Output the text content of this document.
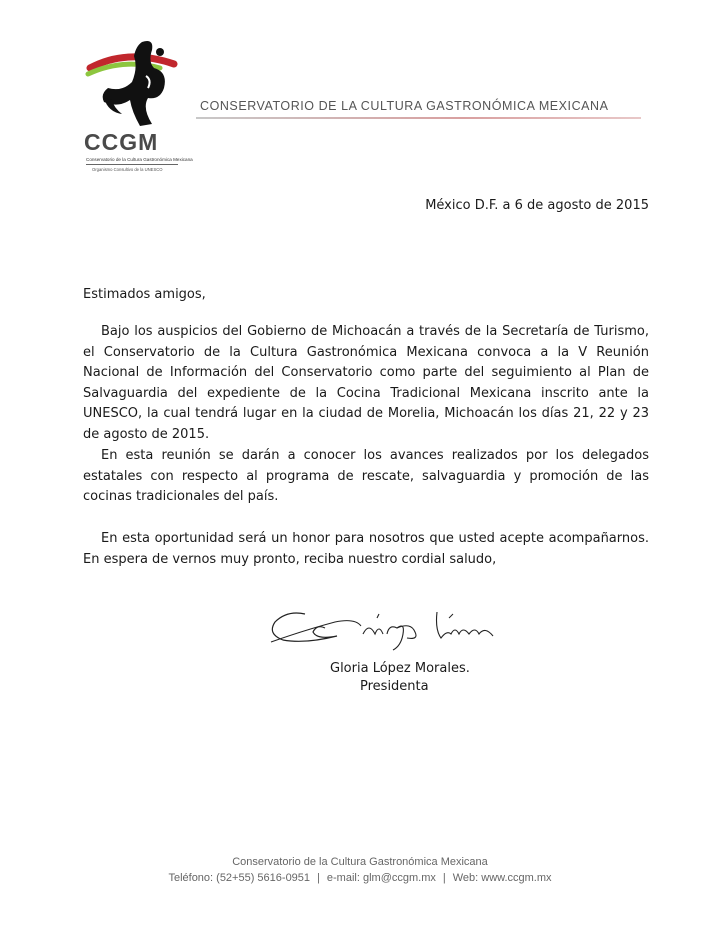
CCGM
Conservatorio de la Cultura Gastronómica Mexicana
Organismo Consultivo de la UNESCO
CONSERVATORIO DE LA CULTURA GASTRONÓMICA MEXICANA
México D.F. a 6 de agosto de 2015
Estimados amigos,

Bajo los auspicios del Gobierno de Michoacán a través de la Secretaría de Turismo, el Conservatorio de la Cultura Gastronómica Mexicana convoca a la V Reunión Nacional de Información del Conservatorio como parte del seguimiento al Plan de Salvaguardia del expediente de la Cocina Tradicional Mexicana inscrito ante la UNESCO, la cual tendrá lugar en la ciudad de Morelia, Michoacán los días 21, 22 y 23 de agosto de 2015.

En esta reunión se darán a conocer los avances realizados por los delegados estatales con respecto al programa de rescate, salvaguardia y promoción de las cocinas tradicionales del país.

En esta oportunidad será un honor para nosotros que usted acepte acompañarnos. En espera de vernos muy pronto, reciba nuestro cordial saludo,

Gloria López Morales.
Presidenta
Conservatorio de la Cultura Gastronómica Mexicana
Teléfono: (52+55) 5616-0951 | e-mail: glm@ccgm.mx | Web: www.ccgm.mx
